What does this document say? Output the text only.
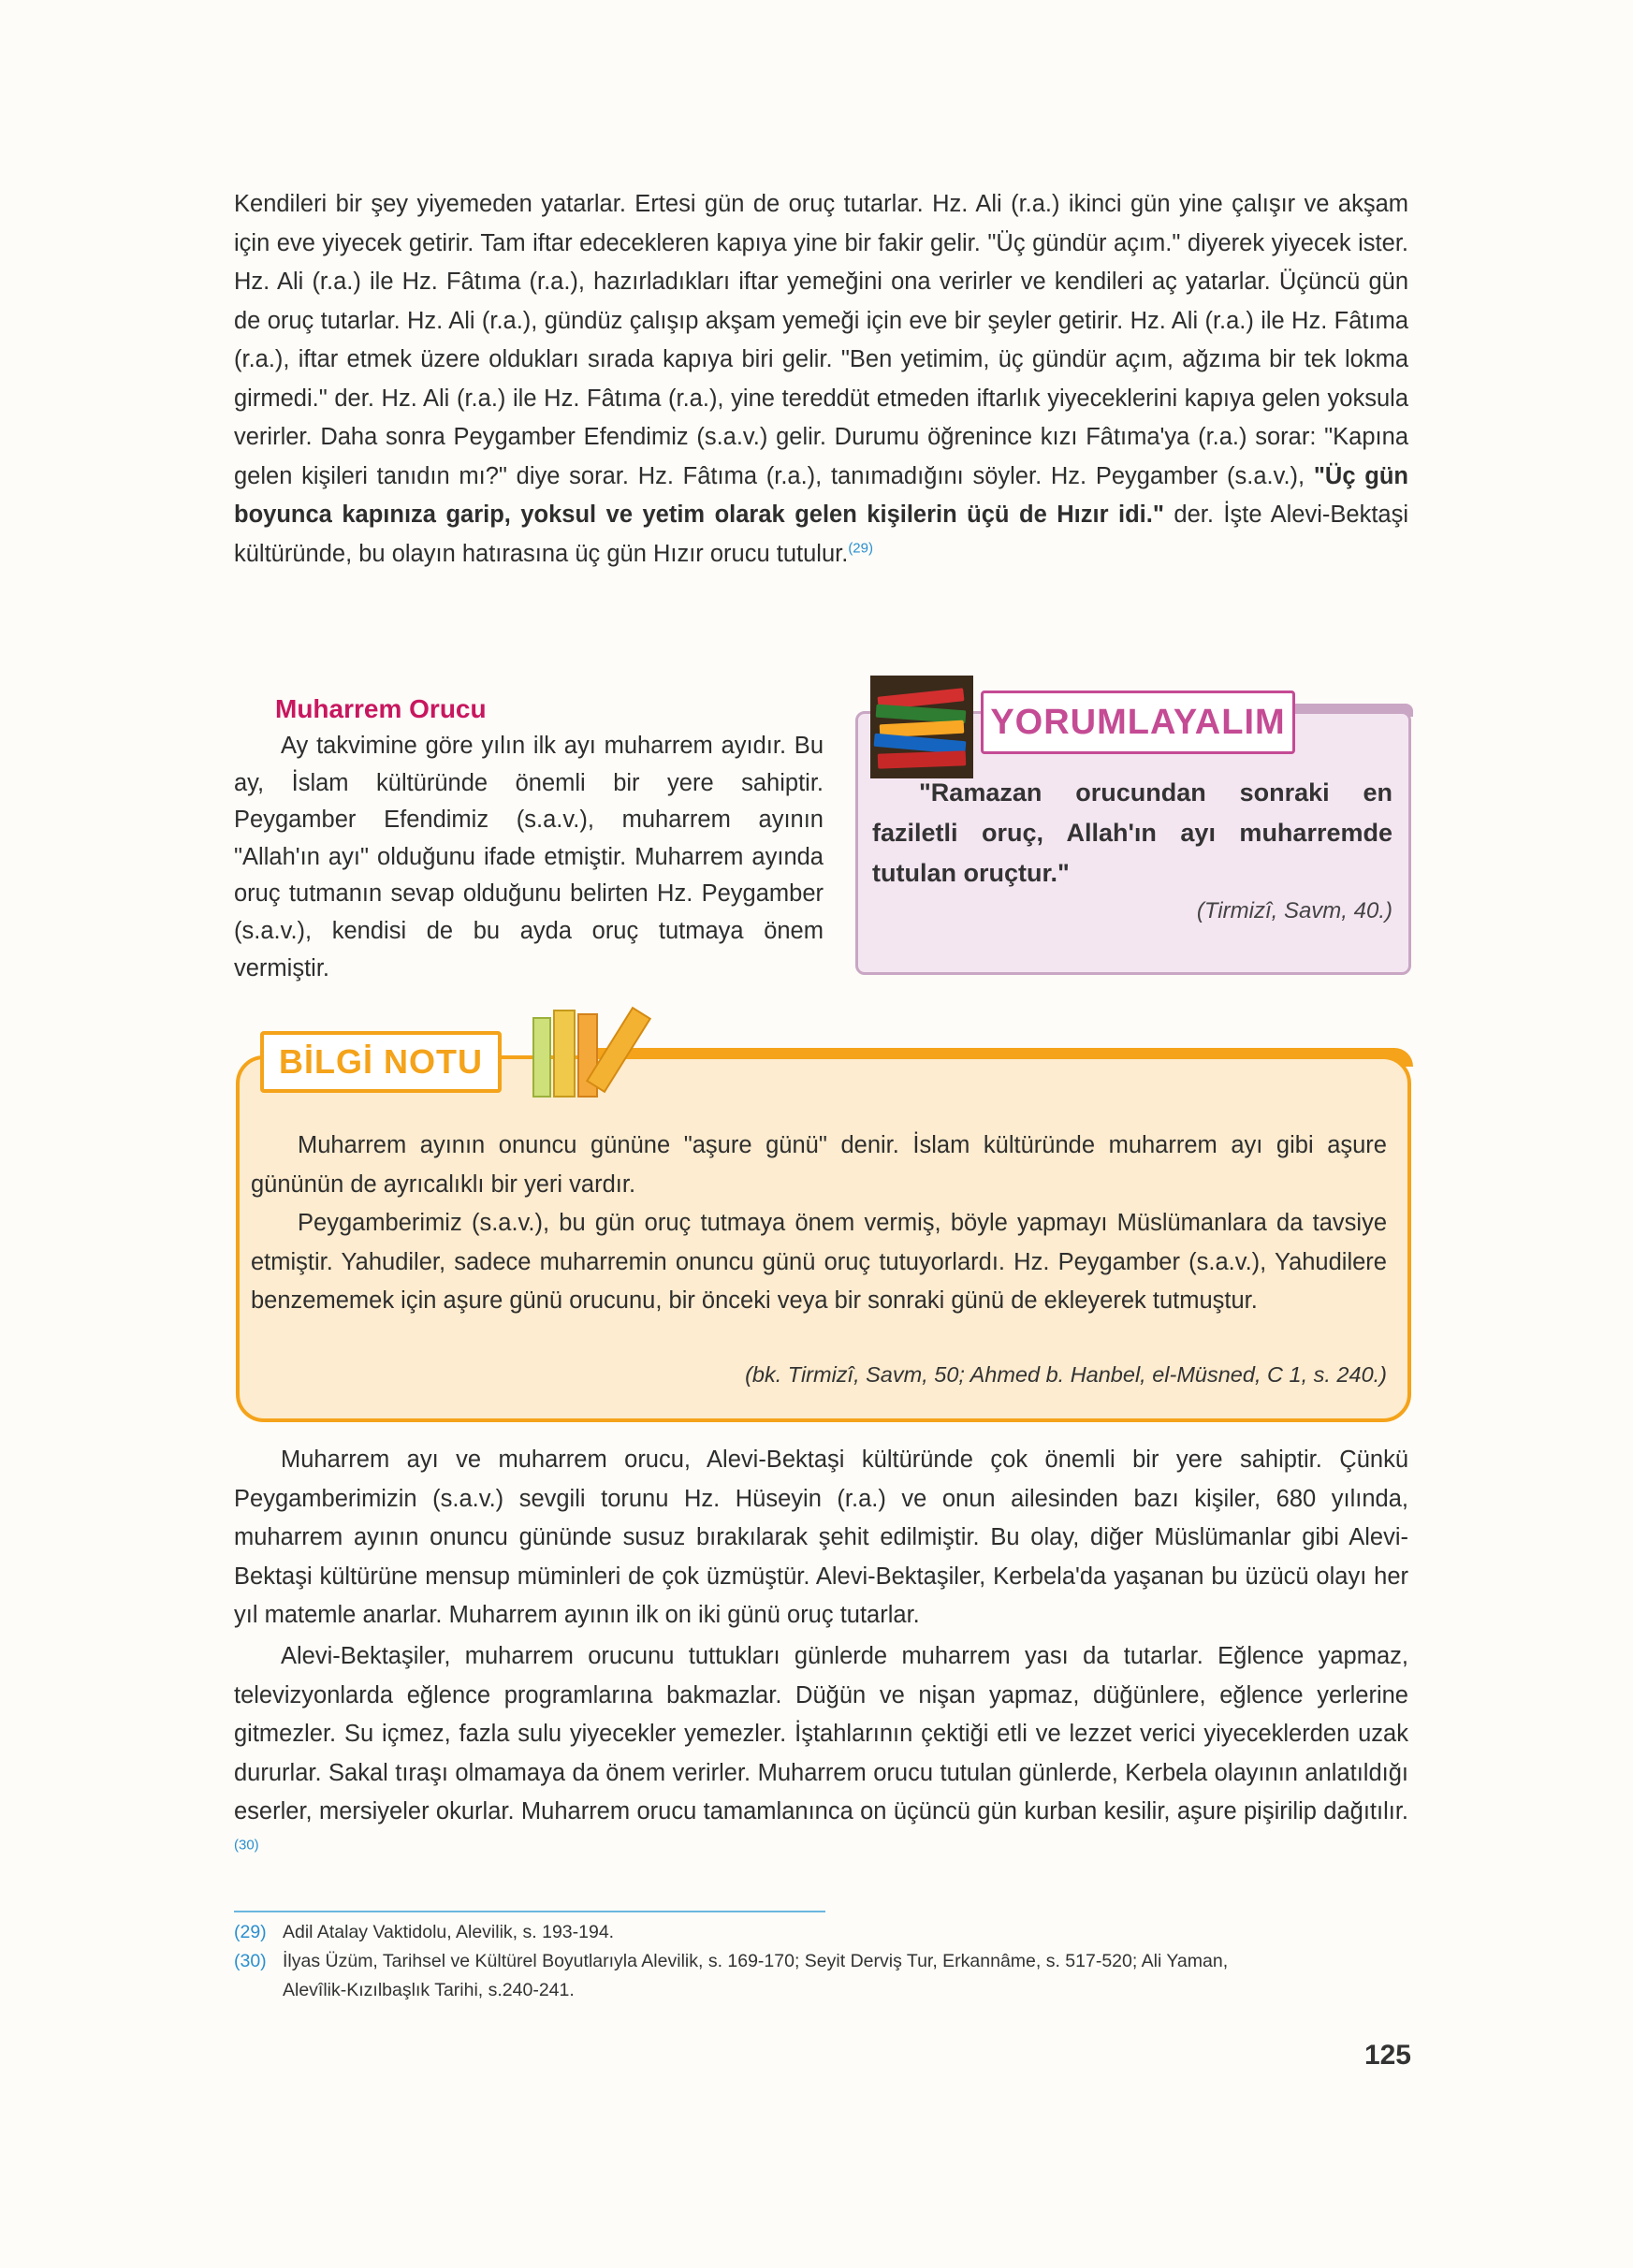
Kendileri bir şey yiyemeden yatarlar. Ertesi gün de oruç tutarlar. Hz. Ali (r.a.) ikinci gün yine çalışır ve akşam için eve yiyecek getirir. Tam iftar edecekleren kapıya yine bir fakir gelir. "Üç gündür açım." diyerek yiyecek ister. Hz. Ali (r.a.) ile Hz. Fâtıma (r.a.), hazırladıkları iftar yemeğini ona verirler ve kendileri aç yatarlar. Üçüncü gün de oruç tutarlar. Hz. Ali (r.a.), gündüz çalışıp akşam yemeği için eve bir şeyler getirir. Hz. Ali (r.a.) ile Hz. Fâtıma (r.a.), iftar etmek üzere oldukları sırada kapıya biri gelir. "Ben yetimim, üç gündür açım, ağzıma bir tek lokma girmedi." der. Hz. Ali (r.a.) ile Hz. Fâtıma (r.a.), yine tereddüt etmeden iftarlık yiyeceklerini kapıya gelen yoksula verirler. Daha sonra Peygamber Efendimiz (s.a.v.) gelir. Durumu öğrenince kızı Fâtıma'ya (r.a.) sorar: "Kapına gelen kişileri tanıdın mı?" diye sorar. Hz. Fâtıma (r.a.), tanımadığını söyler. Hz. Peygamber (s.a.v.), "Üç gün boyunca kapınıza garip, yoksul ve yetim olarak gelen kişilerin üçü de Hızır idi." der. İşte Alevi-Bektaşi kültüründe, bu olayın hatırasına üç gün Hızır orucu tutulur.$^{(29)}$
Muharrem Orucu

Ay takvimine göre yılın ilk ayı muharrem ayıdır. Bu ay, İslam kültüründe önemli bir yere sahiptir. Peygamber Efendimiz (s.a.v.), muharrem ayının "Allah'ın ayı" olduğunu ifade etmiştir. Muharrem ayında oruç tutmanın sevap olduğunu belirten Hz. Peygamber (s.a.v.), kendisi de bu ayda oruç tutmaya önem vermiştir.

YORUMLAYALIM
"Ramazan orucundan sonraki en faziletli oruç, Allah'ın ayı muharremde tutulan oruçtur."
(Tirmizî, Savm, 40.)
BİLGİ NOTU

Muharrem ayının onuncu gününe "aşure günü" denir. İslam kültüründe muharrem ayı gibi aşure gününün de ayrıcalıklı bir yeri vardır.

Peygamberimiz (s.a.v.), bu gün oruç tutmaya önem vermiş, böyle yapmayı Müslümanlara da tavsiye etmiştir. Yahudiler, sadece muharremin onuncu günü oruç tutuyorlardı. Hz. Peygamber (s.a.v.), Yahudilere benzememek için aşure günü orucunu, bir önceki veya bir sonraki günü de ekleyerek tutmuştur.

(bk. Tirmizî, Savm, 50; Ahmed b. Hanbel, el-Müsned, C 1, s. 240.)

Muharrem ayı ve muharrem orucu, Alevi-Bektaşi kültüründe çok önemli bir yere sahiptir. Çünkü Peygamberimizin (s.a.v.) sevgili torunu Hz. Hüseyin (r.a.) ve onun ailesinden bazı kişiler, 680 yılında, muharrem ayının onuncu gününde susuz bırakılarak şehit edilmiştir. Bu olay, diğer Müslümanlar gibi Alevi-Bektaşi kültürüne mensup müminleri de çok üzmüştür. Alevi-Bektaşiler, Kerbela'da yaşanan bu üzücü olayı her yıl matemle anarlar. Muharrem ayının ilk on iki günü oruç tutarlar.

Alevi-Bektaşiler, muharrem orucunu tuttukları günlerde muharrem yası da tutarlar. Eğlence yapmaz, televizyonlarda eğlence programlarına bakmazlar. Düğün ve nişan yapmaz, düğünlere, eğlence yerlerine gitmezler. Su içmez, fazla sulu yiyecekler yemezler. İştahlarının çektiği etli ve lezzet verici yiyeceklerden uzak dururlar. Sakal tıraşı olmamaya da önem verirler. Muharrem orucu tutulan günlerde, Kerbela olayının anlatıldığı eserler, mersiyeler okurlar. Muharrem orucu tamamlanınca on üçüncü gün kurban kesilir, aşure pişirilip dağıtılır.$^{(30)}$
(29) Adil Atalay Vaktidolu, Alevilik, s. 193-194.
(30) İlyas Üzüm, Tarihsel ve Kültürel Boyutlarıyla Alevilik, s. 169-170; Seyit Derviş Tur, Erkannâme, s. 517-520; Ali Yaman,
Alevîlik-Kızılbaşlık Tarihi, s.240-241.
125
